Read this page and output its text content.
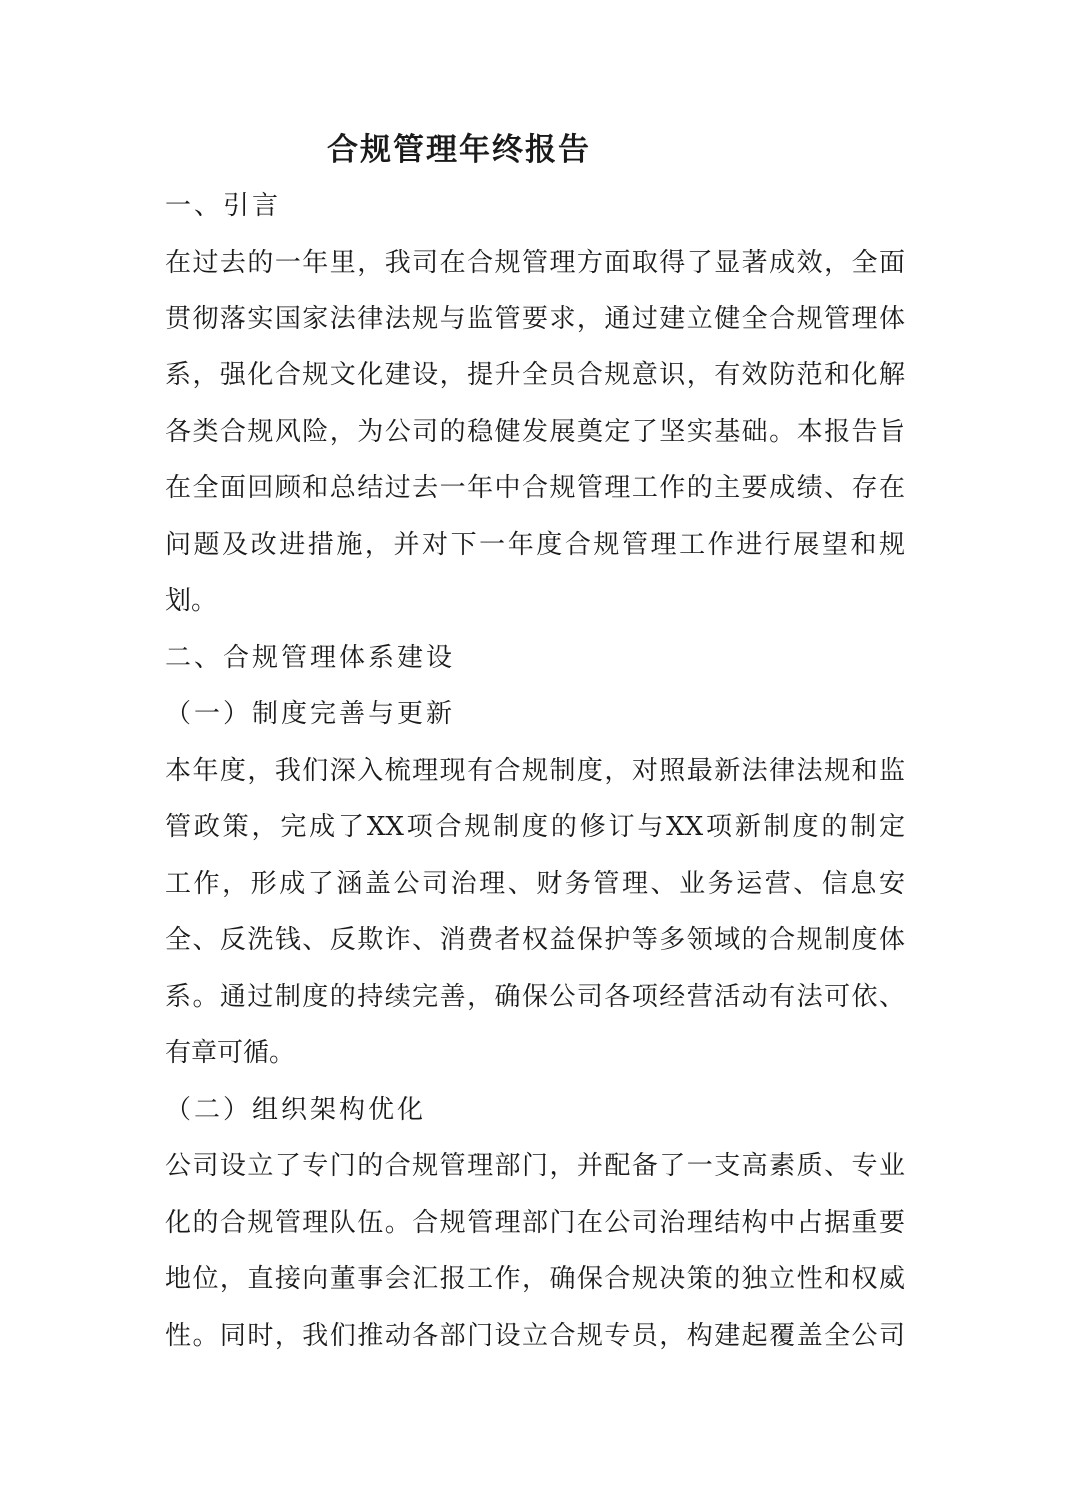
合规管理年终报告

一、引言

在过去的一年里，我司在合规管理方面取得了显著成效，全面

贯彻落实国家法律法规与监管要求，通过建立健全合规管理体

系，强化合规文化建设，提升全员合规意识，有效防范和化解

各类合规风险，为公司的稳健发展奠定了坚实基础。本报告旨

在全面回顾和总结过去一年中合规管理工作的主要成绩、存在

问题及改进措施，并对下一年度合规管理工作进行展望和规

划。

二、合规管理体系建设

（一）制度完善与更新

本年度，我们深入梳理现有合规制度，对照最新法律法规和监

管政策，完成了XX项合规制度的修订与XX项新制度的制定

工作，形成了涵盖公司治理、财务管理、业务运营、信息安

全、反洗钱、反欺诈、消费者权益保护等多领域的合规制度体

系。通过制度的持续完善，确保公司各项经营活动有法可依、

有章可循。

（二）组织架构优化

公司设立了专门的合规管理部门，并配备了一支高素质、专业

化的合规管理队伍。合规管理部门在公司治理结构中占据重要

地位，直接向董事会汇报工作，确保合规决策的独立性和权威

性。同时，我们推动各部门设立合规专员，构建起覆盖全公司
